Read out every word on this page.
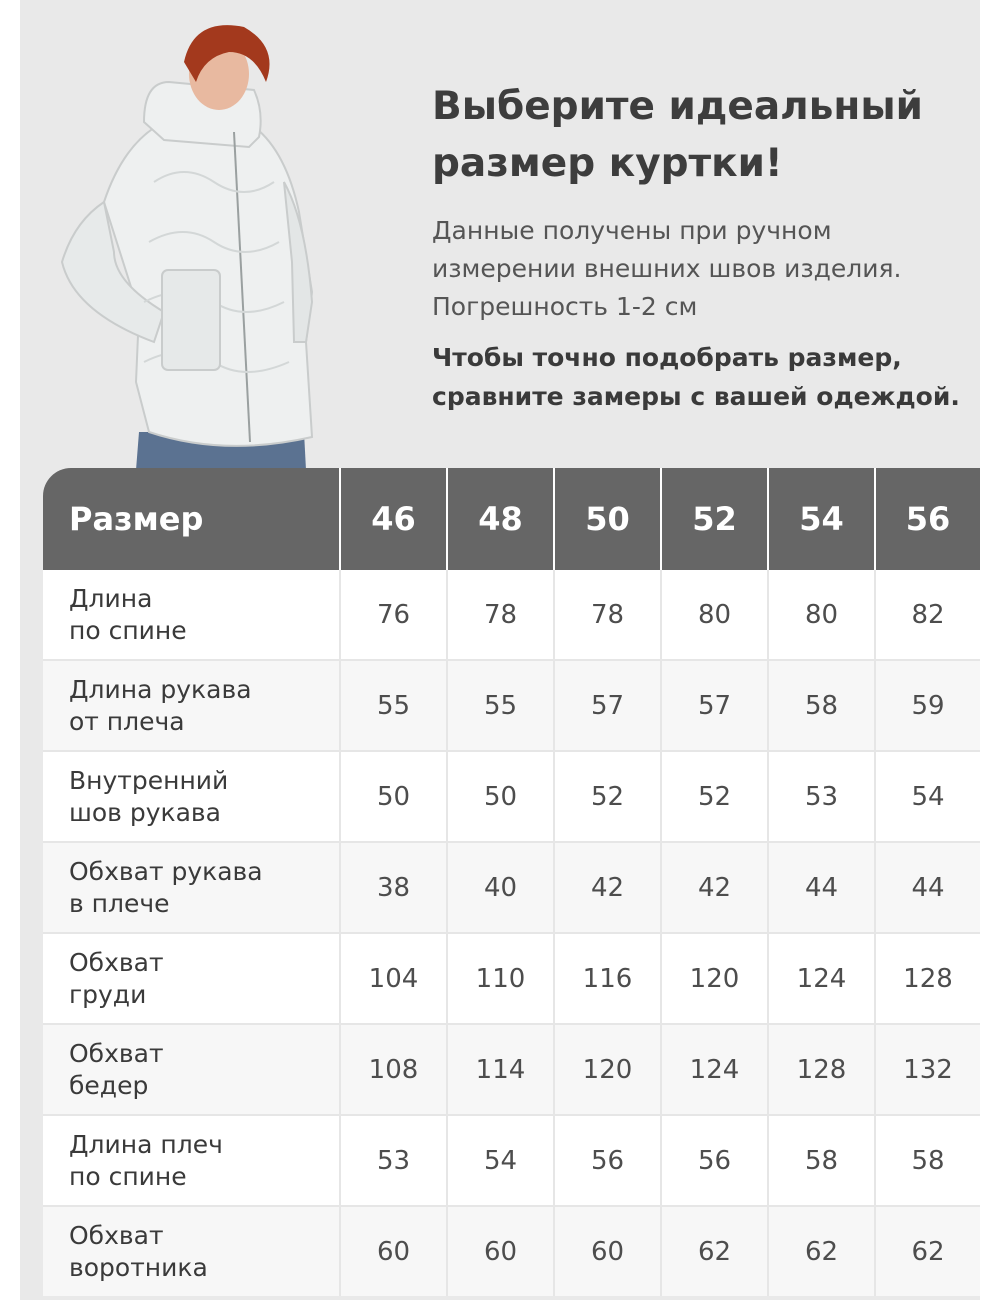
Выберите идеальный
размер куртки!
Данные получены при ручном
измерении внешних швов изделия.
Погрешность 1-2 см
Чтобы точно подобрать размер,
сравните замеры с вашей одеждой.
Размер	46	48	50	52	54	56

Длина
по спине	76	78	78	80	80	82

Длина рукава
от плеча	55	55	57	57	58	59

Внутренний
шов рукава	50	50	52	52	53	54

Обхват рукава
в плече	38	40	42	42	44	44

Обхват
груди	104	110	116	120	124	128

Обхват
бедер	108	114	120	124	128	132

Длина плеч
по спине	53	54	56	56	58	58

Обхват
воротника	60	60	60	62	62	62
